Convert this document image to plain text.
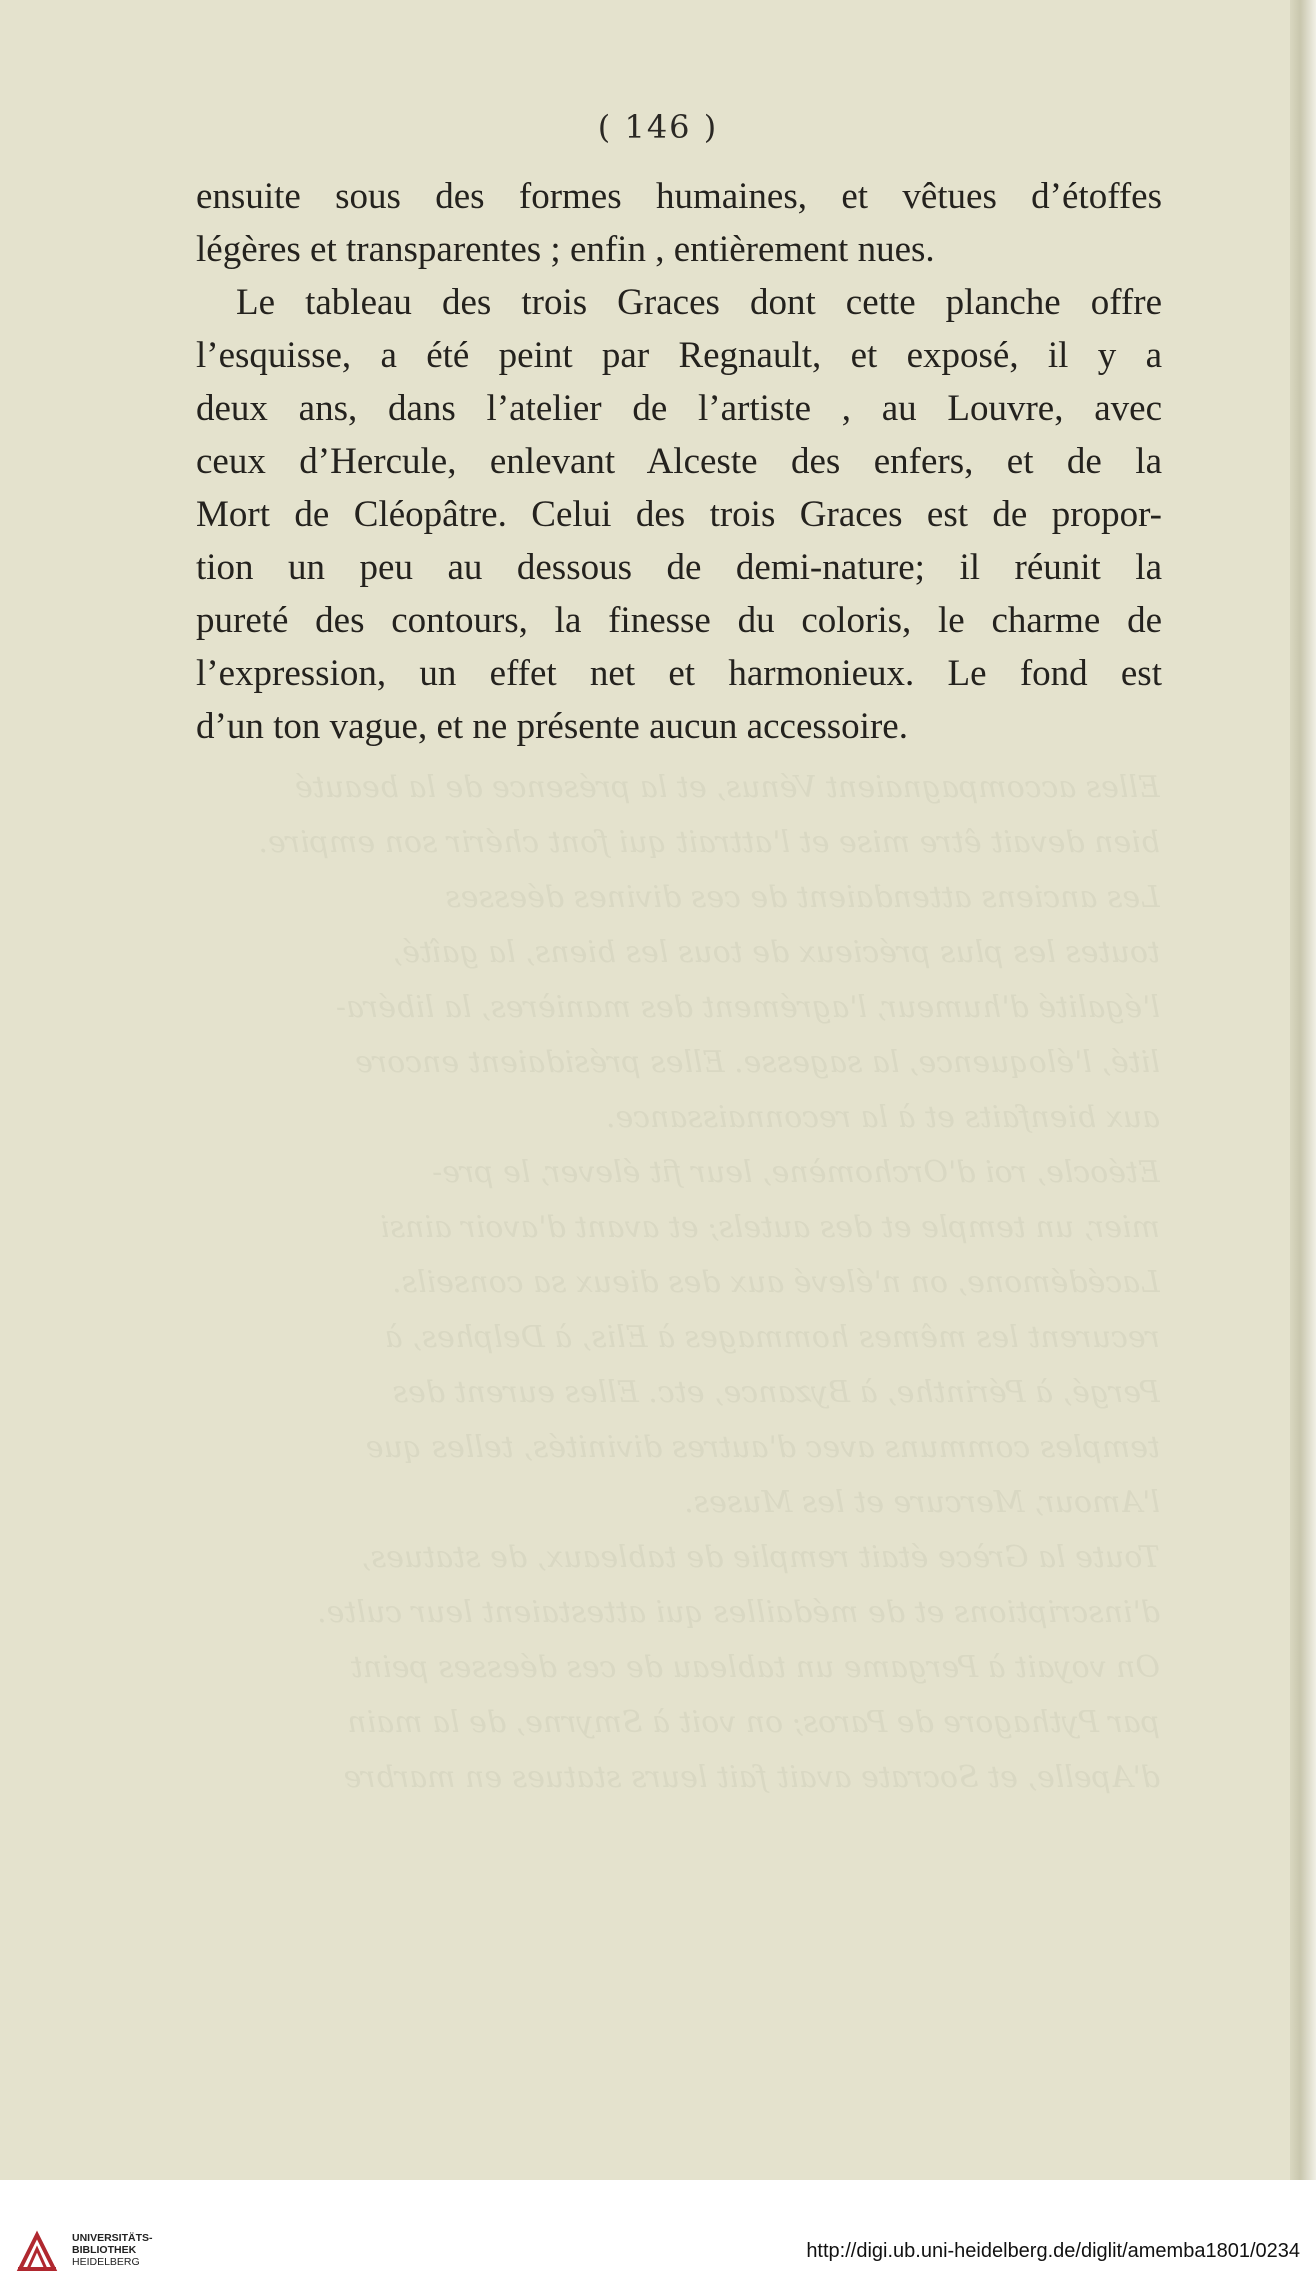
Elles accompagnaient Vénus, et la présence de la beauté
bien devait être mise et l'attrait qui font chérir son empire.
Les anciens attendaient de ces divines déesses
toutes les plus précieux de tous les biens, la gaîté,
l'égalité d'humeur, l'agrément des manières, la libéra-
lité, l'éloquence, la sagesse. Elles présidaient encore
aux bienfaits et à la reconnaissance.
Etéocle, roi d'Orchomène, leur fit élever, le pre-
mier, un temple et des autels; et avant d'avoir ainsi
Lacédémone, on n'élevé aux des dieux sa conseils.
recurent les mêmes hommages à Elis, à Delphes, à
Pergé, à Périnthe, à Byzance, etc. Elles eurent des
temples communs avec d'autres divinités, telles que
l'Amour, Mercure et les Muses.
Toute la Grèce était remplie de tableaux, de statues,
d'inscriptions et de médailles qui attestaient leur culte.
On voyait à Pergame un tableau de ces déesses peint
par Pythagore de Paros; on voit à Smyrne, de la main
d'Apelle, et Socrate avait fait leurs statues en marbre
( 146 )
ensuite sous des formes humaines, et vêtues d’étoffes
légères et transparentes ; enfin , entièrement nues.
Le tableau des trois Graces dont cette planche offre
l’esquisse, a été peint par Regnault, et exposé, il y a
deux ans, dans l’atelier de l’artiste , au Louvre, avec
ceux d’Hercule, enlevant Alceste des enfers, et de la
Mort de Cléopâtre. Celui des trois Graces est de propor-
tion un peu au dessous de demi-nature; il réunit la
pureté des contours, la finesse du coloris, le charme de
l’expression, un effet net et harmonieux. Le fond est
d’un ton vague, et ne présente aucun accessoire.
UNIVERSITÄTS-
BIBLIOTHEK
HEIDELBERG	http://digi.ub.uni-heidelberg.de/diglit/amemba1801/0234
